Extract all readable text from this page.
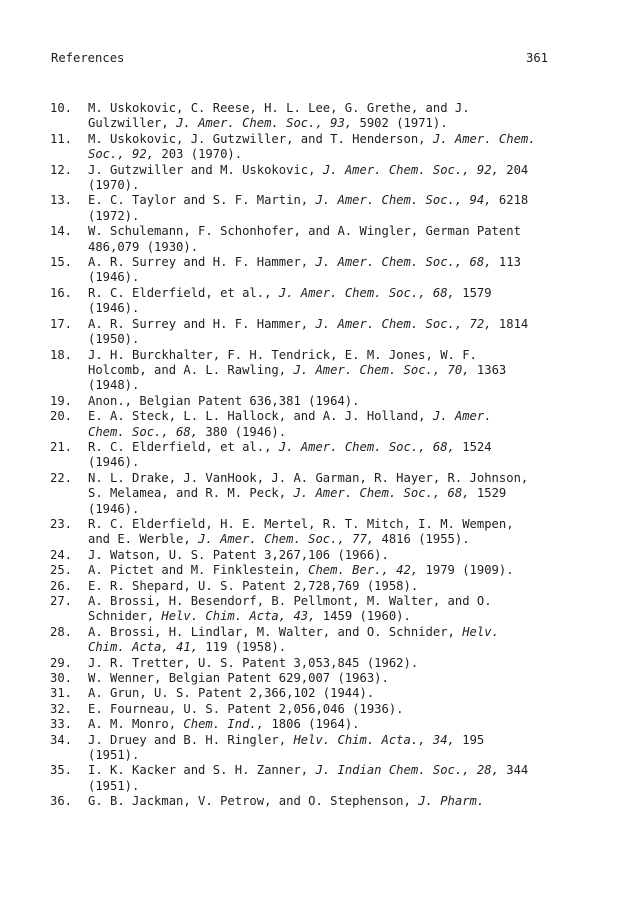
References	361
10.	M. Uskokovic, C. Reese, H. L. Lee, G. Grethe, and J.
Gulzwiller, J. Amer. Chem. Soc., 93, 5902 (1971).
11.	M. Uskokovic, J. Gutzwiller, and T. Henderson, J. Amer. Chem.
Soc., 92, 203 (1970).
12.	J. Gutzwiller and M. Uskokovic, J. Amer. Chem. Soc., 92, 204
(1970).
13.	E. C. Taylor and S. F. Martin, J. Amer. Chem. Soc., 94, 6218
(1972).
14.	W. Schulemann, F. Schonhofer, and A. Wingler, German Patent
486,079 (1930).
15.	A. R. Surrey and H. F. Hammer, J. Amer. Chem. Soc., 68, 113
(1946).
16.	R. C. Elderfield, et al., J. Amer. Chem. Soc., 68, 1579
(1946).
17.	A. R. Surrey and H. F. Hammer, J. Amer. Chem. Soc., 72, 1814
(1950).
18.	J. H. Burckhalter, F. H. Tendrick, E. M. Jones, W. F.
Holcomb, and A. L. Rawling, J. Amer. Chem. Soc., 70, 1363
(1948).
19.	Anon., Belgian Patent 636,381 (1964).
20.	E. A. Steck, L. L. Hallock, and A. J. Holland, J. Amer.
Chem. Soc., 68, 380 (1946).
21.	R. C. Elderfield, et al., J. Amer. Chem. Soc., 68, 1524
(1946).
22.	N. L. Drake, J. VanHook, J. A. Garman, R. Hayer, R. Johnson,
S. Melamea, and R. M. Peck, J. Amer. Chem. Soc., 68, 1529
(1946).
23.	R. C. Elderfield, H. E. Mertel, R. T. Mitch, I. M. Wempen,
and E. Werble, J. Amer. Chem. Soc., 77, 4816 (1955).
24.	J. Watson, U. S. Patent 3,267,106 (1966).
25.	A. Pictet and M. Finklestein, Chem. Ber., 42, 1979 (1909).
26.	E. R. Shepard, U. S. Patent 2,728,769 (1958).
27.	A. Brossi, H. Besendorf, B. Pellmont, M. Walter, and O.
Schnider, Helv. Chim. Acta, 43, 1459 (1960).
28.	A. Brossi, H. Lindlar, M. Walter, and O. Schnider, Helv.
Chim. Acta, 41, 119 (1958).
29.	J. R. Tretter, U. S. Patent 3,053,845 (1962).
30.	W. Wenner, Belgian Patent 629,007 (1963).
31.	A. Grun, U. S. Patent 2,366,102 (1944).
32.	E. Fourneau, U. S. Patent 2,056,046 (1936).
33.	A. M. Monro, Chem. Ind., 1806 (1964).
34.	J. Druey and B. H. Ringler, Helv. Chim. Acta., 34, 195
(1951).
35.	I. K. Kacker and S. H. Zanner, J. Indian Chem. Soc., 28, 344
(1951).
36.	G. B. Jackman, V. Petrow, and O. Stephenson, J. Pharm.
